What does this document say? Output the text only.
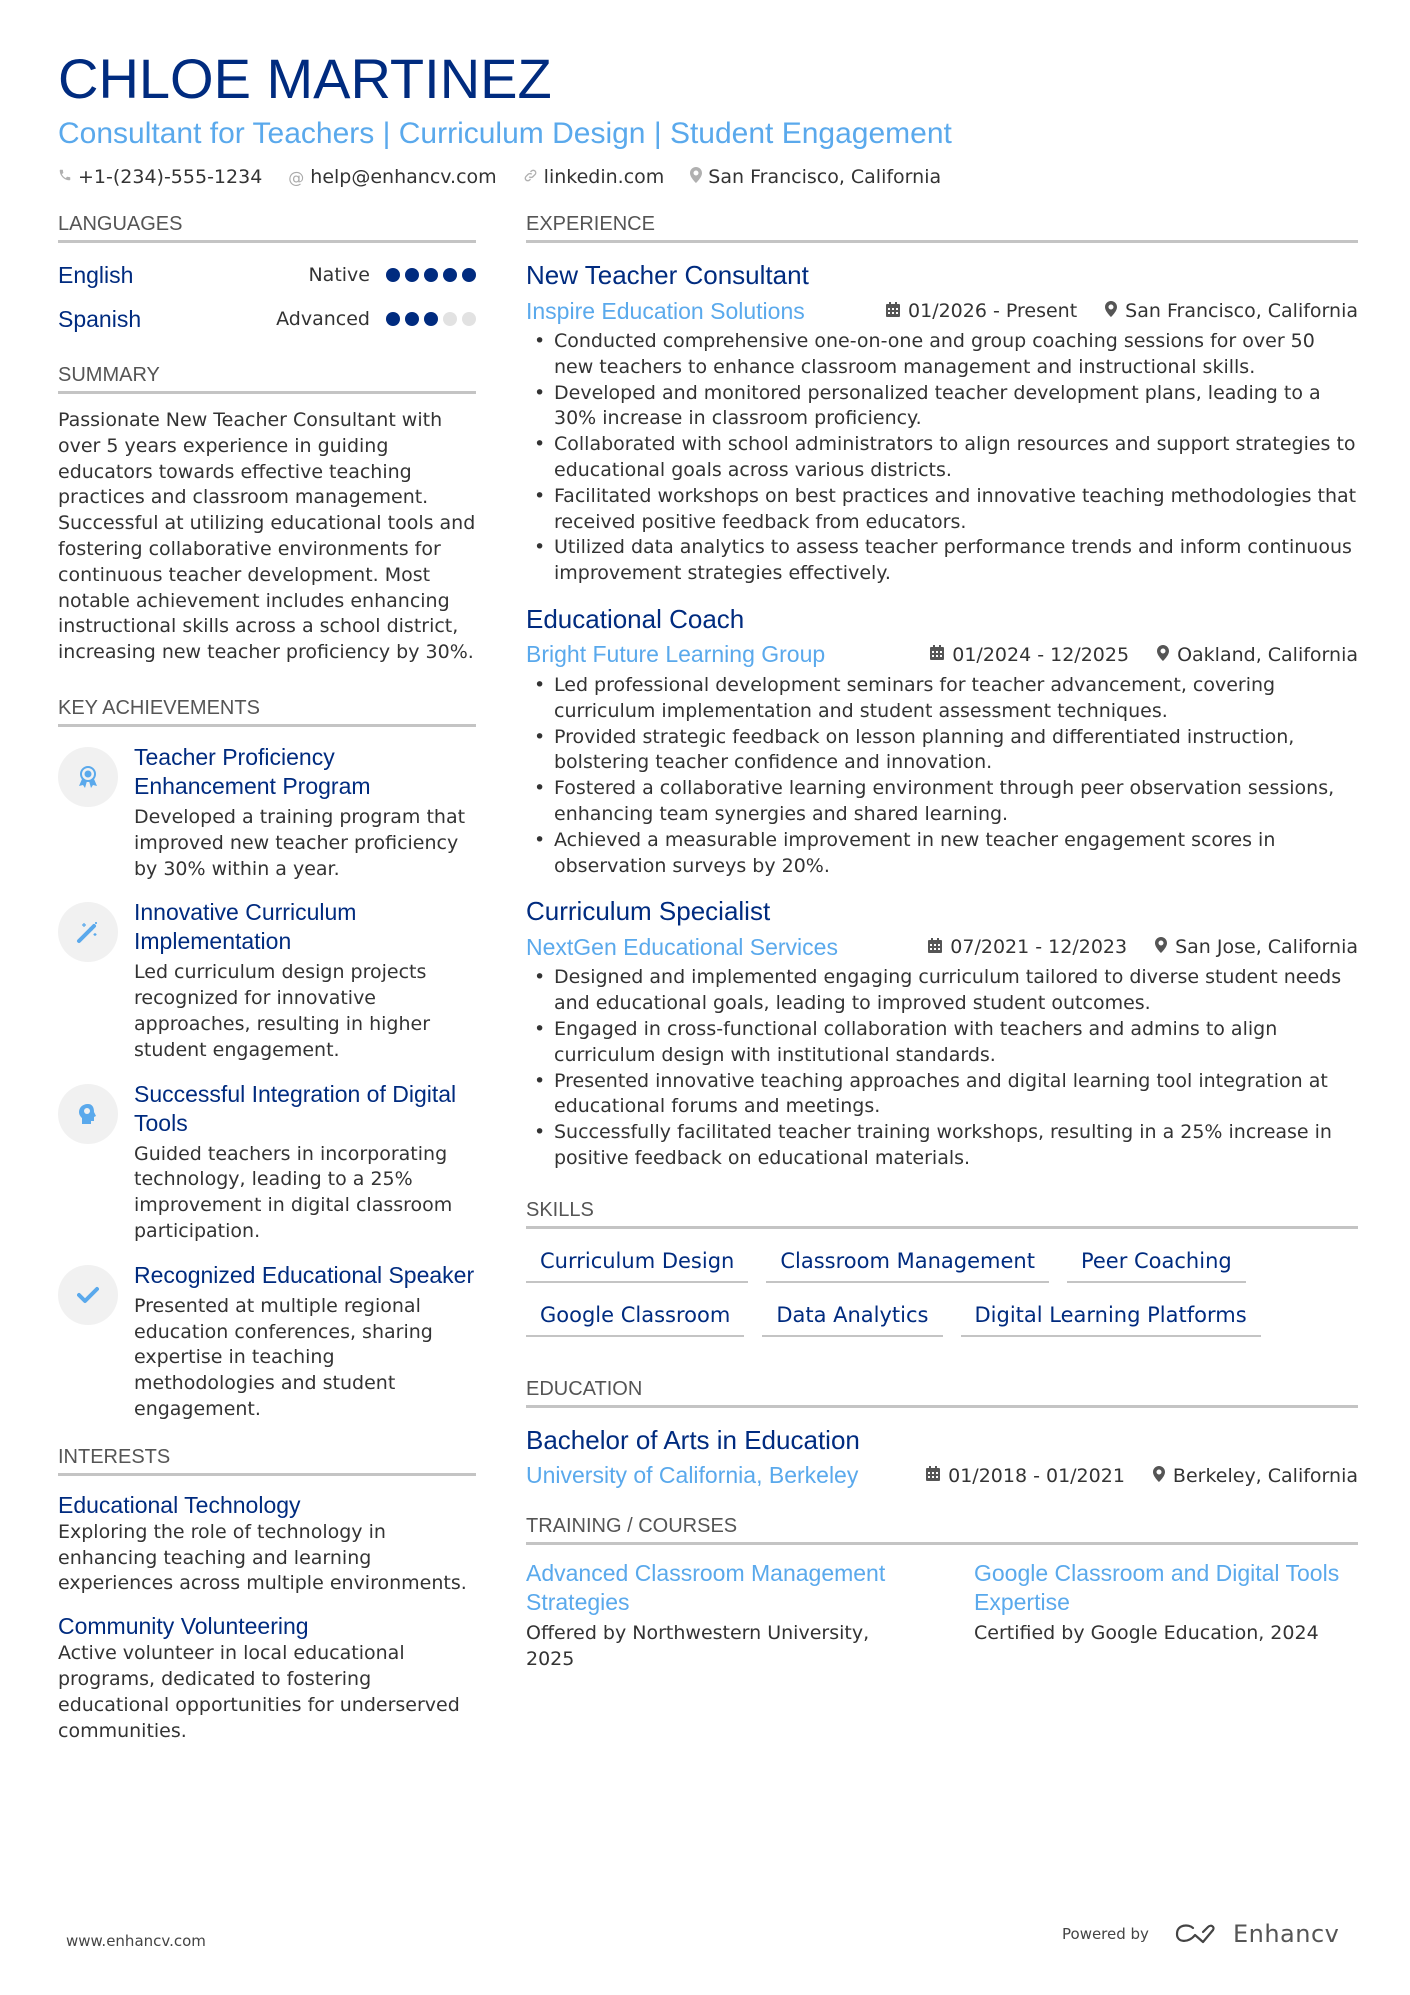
CHLOE MARTINEZ
Consultant for Teachers | Curriculum Design | Student Engagement
+1-(234)-555-1234 @ help@enhancv.com linkedin.com San Francisco, California
LANGUAGES
English	Native
Spanish	Advanced
SUMMARY

Passionate New Teacher Consultant with over 5 years experience in guiding educators towards effective teaching practices and classroom management. Successful at utilizing educational tools and fostering collaborative environments for continuous teacher development. Most notable achievement includes enhancing instructional skills across a school district, increasing new teacher proficiency by 30%.

KEY ACHIEVEMENTS
Teacher Proficiency Enhancement Program
Developed a training program that improved new teacher proficiency by 30% within a year.
Innovative Curriculum Implementation
Led curriculum design projects recognized for innovative approaches, resulting in higher student engagement.
Successful Integration of Digital Tools
Guided teachers in incorporating technology, leading to a 25% improvement in digital classroom participation.
Recognized Educational Speaker
Presented at multiple regional education conferences, sharing expertise in teaching methodologies and student engagement.
INTERESTS
Educational Technology

Exploring the role of technology in enhancing teaching and learning experiences across multiple environments.

Community Volunteering

Active volunteer in local educational programs, dedicated to fostering educational opportunities for underserved communities.

EXPERIENCE
New Teacher Consultant
Inspire Education Solutions	01/2026 - Present	San Francisco, California
• Conducted comprehensive one-on-one and group coaching sessions for over 50 new teachers to enhance classroom management and instructional skills.
• Developed and monitored personalized teacher development plans, leading to a 30% increase in classroom proficiency.
• Collaborated with school administrators to align resources and support strategies to educational goals across various districts.
• Facilitated workshops on best practices and innovative teaching methodologies that received positive feedback from educators.
• Utilized data analytics to assess teacher performance trends and inform continuous improvement strategies effectively.
Educational Coach
Bright Future Learning Group	01/2024 - 12/2025	Oakland, California
• Led professional development seminars for teacher advancement, covering curriculum implementation and student assessment techniques.
• Provided strategic feedback on lesson planning and differentiated instruction, bolstering teacher confidence and innovation.
• Fostered a collaborative learning environment through peer observation sessions, enhancing team synergies and shared learning.
• Achieved a measurable improvement in new teacher engagement scores in observation surveys by 20%.
Curriculum Specialist
NextGen Educational Services	07/2021 - 12/2023	San Jose, California
• Designed and implemented engaging curriculum tailored to diverse student needs and educational goals, leading to improved student outcomes.
• Engaged in cross-functional collaboration with teachers and admins to align curriculum design with institutional standards.
• Presented innovative teaching approaches and digital learning tool integration at educational forums and meetings.
• Successfully facilitated teacher training workshops, resulting in a 25% increase in positive feedback on educational materials.
SKILLS
Curriculum Design	Classroom Management	Peer Coaching
Google Classroom	Data Analytics	Digital Learning Platforms
EDUCATION
Bachelor of Arts in Education
University of California, Berkeley	01/2018 - 01/2021	Berkeley, California
TRAINING / COURSES
Advanced Classroom Management Strategies
Offered by Northwestern University, 2025
Google Classroom and Digital Tools Expertise
Certified by Google Education, 2024
www.enhancv.com	Powered by	Enhancv
